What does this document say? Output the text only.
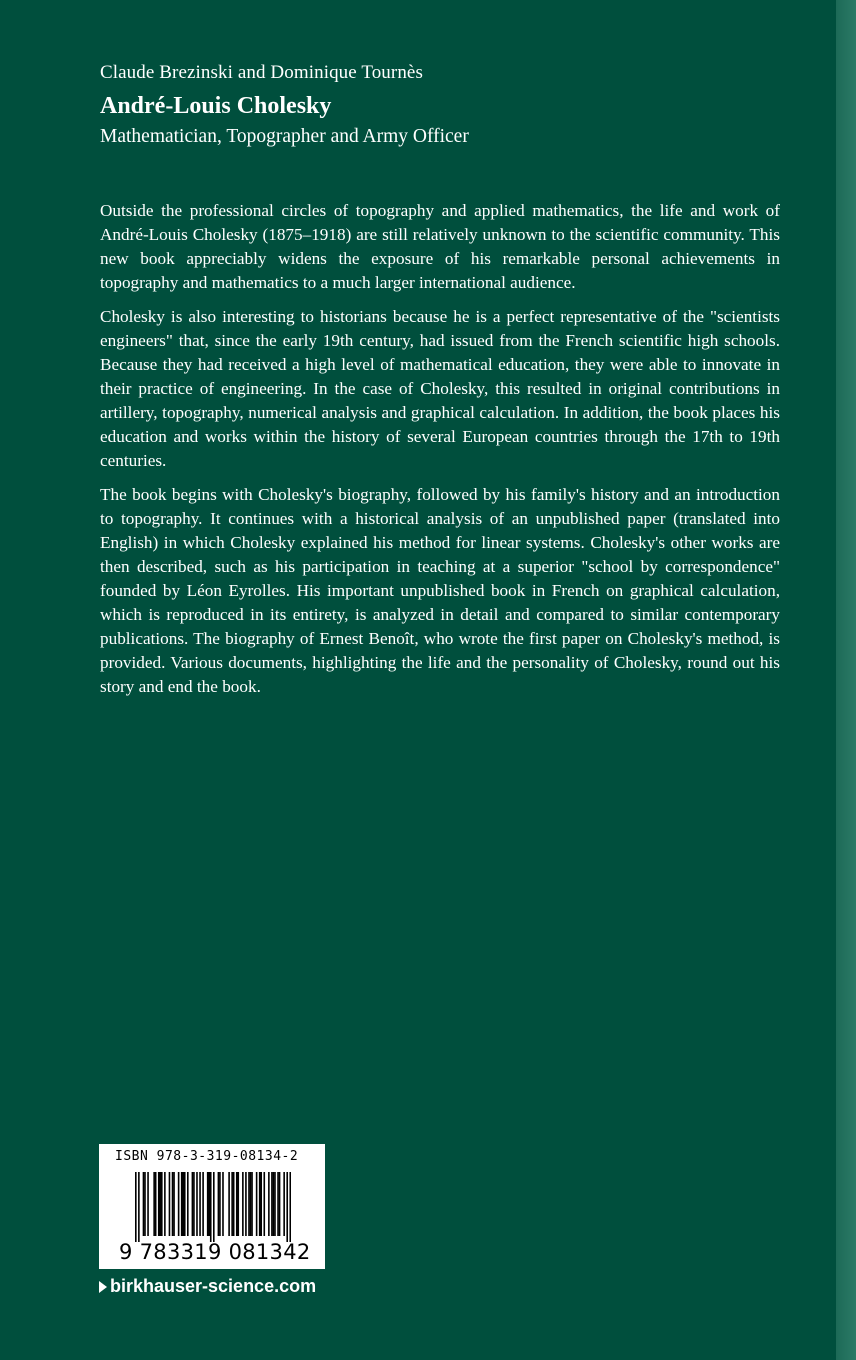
Claude Brezinski and Dominique Tournès
André-Louis Cholesky
Mathematician, Topographer and Army Officer

Outside the professional circles of topography and applied mathematics, the life and work of André-Louis Cholesky (1875–1918) are still relatively unknown to the scientific community. This new book appreciably widens the exposure of his remarkable personal achievements in topography and mathematics to a much larger international audience.

Cholesky is also interesting to historians because he is a perfect representative of the "scientists engineers" that, since the early 19th century, had issued from the French scientific high schools. Because they had received a high level of mathematical education, they were able to innovate in their practice of engineering. In the case of Cholesky, this resulted in original contributions in artillery, topography, numerical analysis and graphical calculation. In addition, the book places his education and works within the history of several European countries through the 17th to 19th centuries.

The book begins with Cholesky's biography, followed by his family's history and an introduction to topography. It continues with a historical analysis of an unpublished paper (translated into English) in which Cholesky explained his method for linear systems. Cholesky's other works are then described, such as his participation in teaching at a superior "school by correspondence" founded by Léon Eyrolles. His important unpublished book in French on graphical calculation, which is reproduced in its entirety, is analyzed in detail and compared to similar contemporary publications. The biography of Ernest Benoît, who wrote the first paper on Cholesky's method, is provided. Various documents, highlighting the life and the personality of Cholesky, round out his story and end the book.

ISBN 978-3-319-08134-2
9 783319 081342
birkhauser-science.com
